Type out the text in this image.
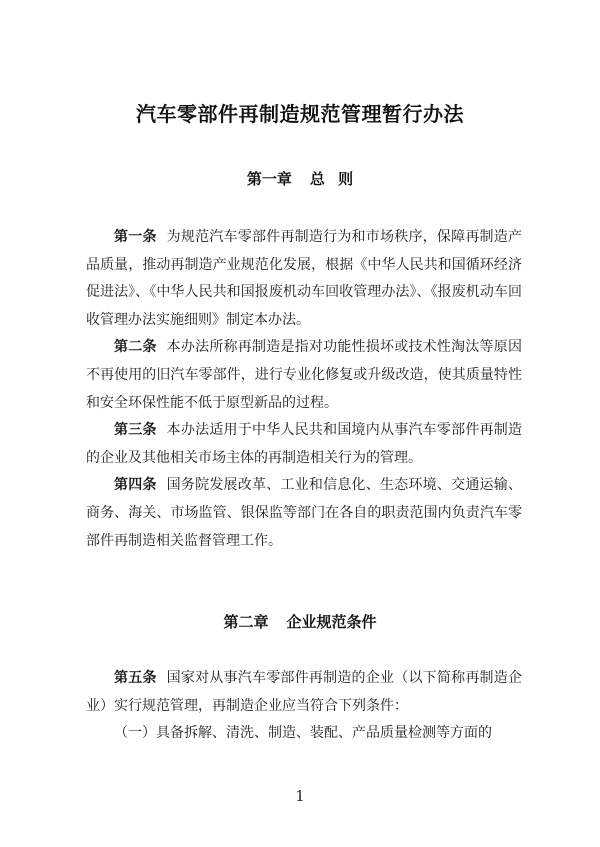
汽车零部件再制造规范管理暂行办法
第一章 总 则

第一条 为规范汽车零部件再制造行为和市场秩序，保障再制造产品质量，推动再制造产业规范化发展，根据《中华人民共和国循环经济促进法》、《中华人民共和国报废机动车回收管理办法》、《报废机动车回收管理办法实施细则》制定本办法。

第二条 本办法所称再制造是指对功能性损坏或技术性淘汰等原因不再使用的旧汽车零部件，进行专业化修复或升级改造，使其质量特性和安全环保性能不低于原型新品的过程。

第三条 本办法适用于中华人民共和国境内从事汽车零部件再制造的企业及其他相关市场主体的再制造相关行为的管理。

第四条 国务院发展改革、工业和信息化、生态环境、交通运输、商务、海关、市场监管、银保监等部门在各自的职责范围内负责汽车零部件再制造相关监督管理工作。

第二章 企业规范条件

第五条 国家对从事汽车零部件再制造的企业（以下简称再制造企业）实行规范管理，再制造企业应当符合下列条件：

（一）具备拆解、清洗、制造、装配、产品质量检测等方面的

1
